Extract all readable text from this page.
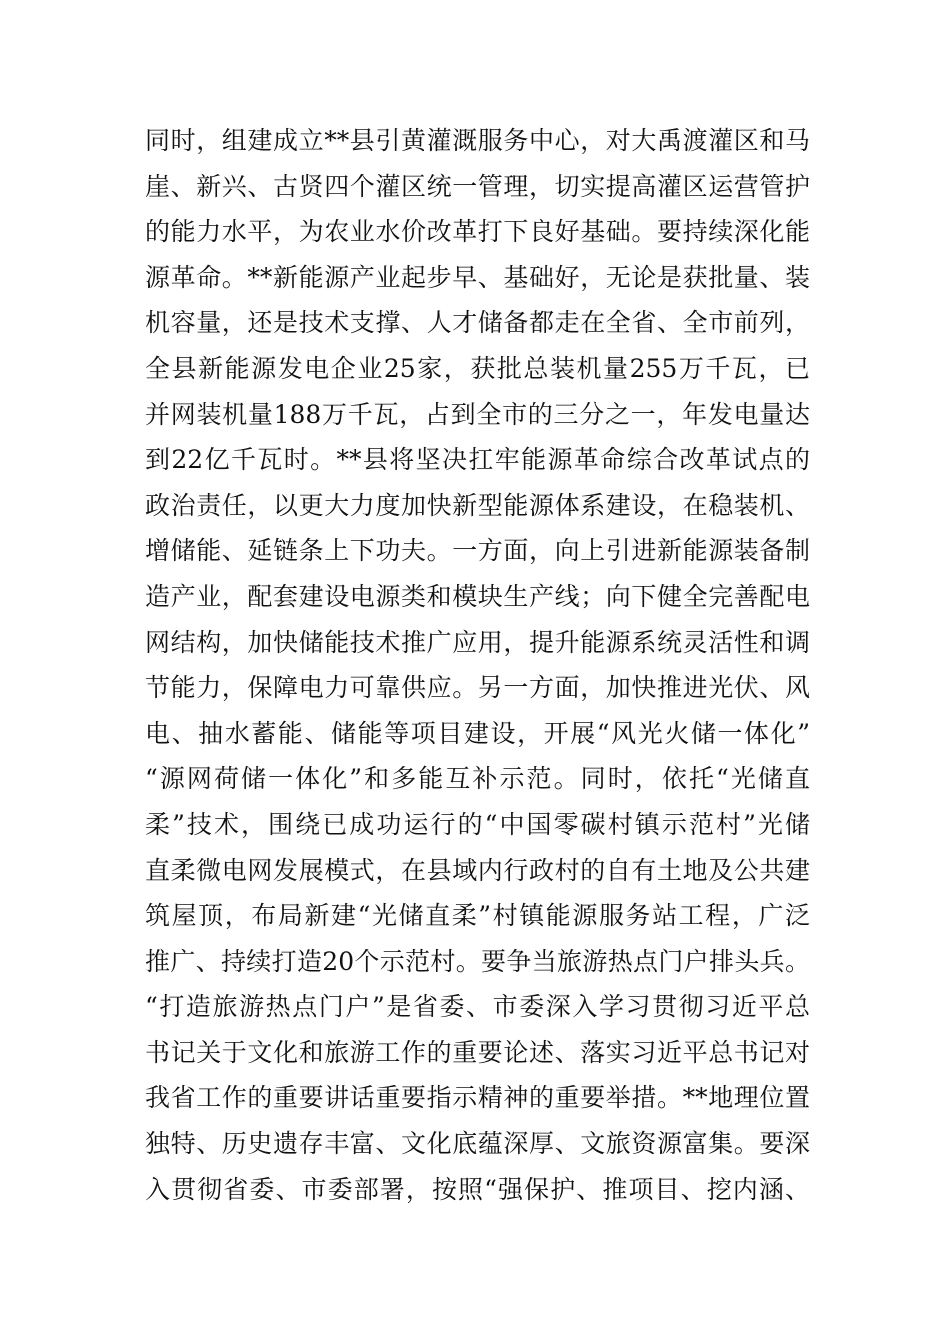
同时，组建成立**县引黄灌溉服务中心，对大禹渡灌区和马
崖、新兴、古贤四个灌区统一管理，切实提高灌区运营管护
的能力水平，为农业水价改革打下良好基础。要持续深化能
源革命。**新能源产业起步早、基础好，无论是获批量、装
机容量，还是技术支撑、人才储备都走在全省、全市前列，
全县新能源发电企业25家，获批总装机量255万千瓦，已
并网装机量188万千瓦，占到全市的三分之一，年发电量达
到22亿千瓦时。**县将坚决扛牢能源革命综合改革试点的
政治责任，以更大力度加快新型能源体系建设，在稳装机、
增储能、延链条上下功夫。一方面，向上引进新能源装备制
造产业，配套建设电源类和模块生产线；向下健全完善配电
网结构，加快储能技术推广应用，提升能源系统灵活性和调
节能力，保障电力可靠供应。另一方面，加快推进光伏、风
电、抽水蓄能、储能等项目建设，开展“风光火储一体化”
“源网荷储一体化”和多能互补示范。同时，依托“光储直
柔”技术，围绕已成功运行的“中国零碳村镇示范村”光储
直柔微电网发展模式，在县域内行政村的自有土地及公共建
筑屋顶，布局新建“光储直柔”村镇能源服务站工程，广泛
推广、持续打造20个示范村。要争当旅游热点门户排头兵。
“打造旅游热点门户”是省委、市委深入学习贯彻习近平总
书记关于文化和旅游工作的重要论述、落实习近平总书记对
我省工作的重要讲话重要指示精神的重要举措。**地理位置
独特、历史遗存丰富、文化底蕴深厚、文旅资源富集。要深
入贯彻省委、市委部署，按照“强保护、推项目、挖内涵、
